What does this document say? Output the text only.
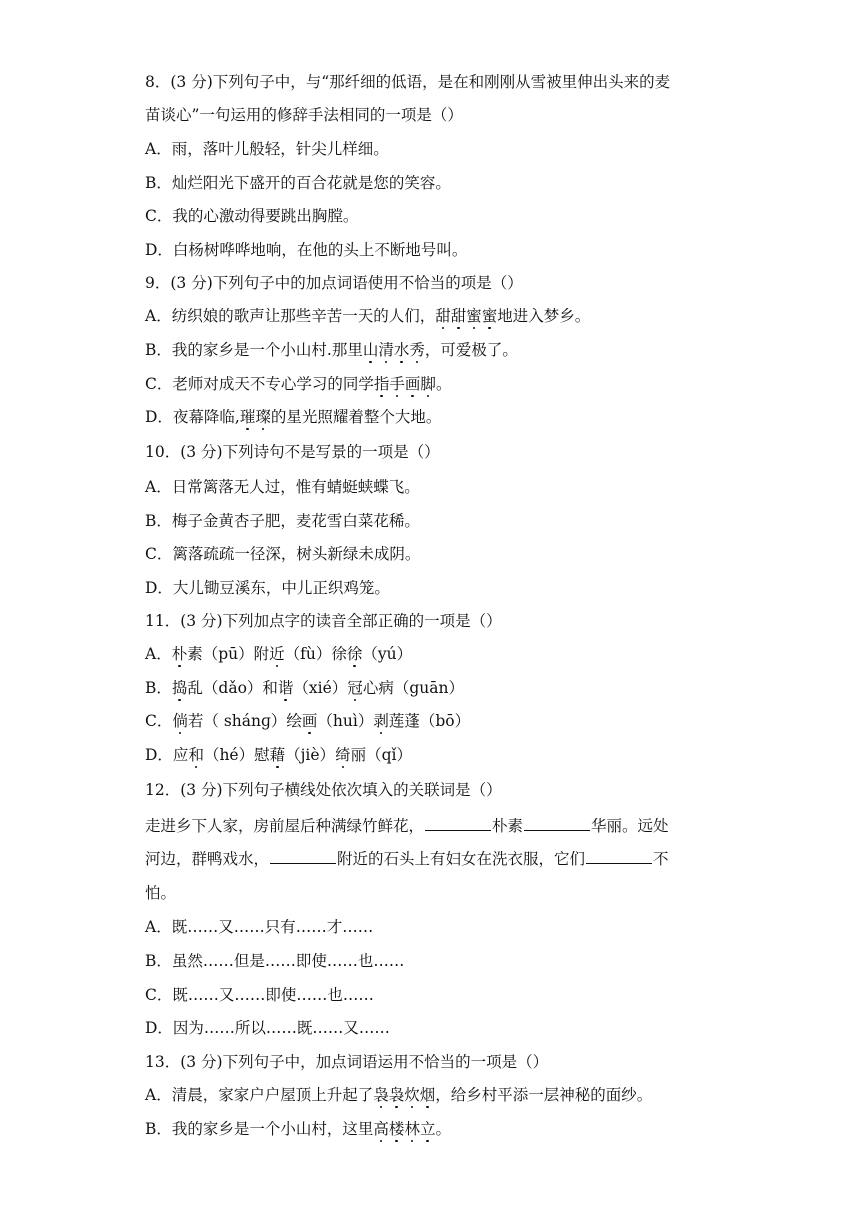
8．(3 分)下列句子中，与“那纤细的低语，是在和刚刚从雪被里伸出头来的麦
苗谈心”一句运用的修辞手法相同的一项是（）
A．雨，落叶儿般轻，针尖儿样细。
B．灿烂阳光下盛开的百合花就是您的笑容。
C．我的心激动得要跳出胸膛。
D．白杨树哗哗地响，在他的头上不断地号叫。
9．(3 分)下列句子中的加点词语使用不恰当的项是（）
A．纺织娘的歌声让那些辛苦一天的人们，甜甜蜜蜜地进入梦乡。
B．我的家乡是一个小山村.那里山清水秀，可爱极了。
C．老师对成天不专心学习的同学指手画脚。
D．夜幕降临,璀璨的星光照耀着整个大地。
10．(3 分)下列诗句不是写景的一项是（）
A．日常篱落无人过，惟有蜻蜓蛱蝶飞。
B．梅子金黄杏子肥，麦花雪白菜花稀。
C．篱落疏疏一径深，树头新绿未成阴。
D．大儿锄豆溪东，中儿正织鸡笼。
11．(3 分)下列加点字的读音全部正确的一项是（）
A．朴素（pū）附近（fù）徐徐（yú）
B．捣乱（dǎo）和谐（xié）冠心病（guān）
C．倘若（ shánɡ）绘画（huì）剥莲蓬（bō）
D．应和（hé）慰藉（jiè）绮丽（qǐ）
12．(3 分)下列句子横线处依次填入的关联词是（）
走进乡下人家，房前屋后种满绿竹鲜花，	朴素	华丽。远处
河边，群鸭戏水，	附近的石头上有妇女在洗衣服，它们	不
怕。
A．既……又……只有……才……
B．虽然……但是……即使……也……
C．既……又……即使……也……
D．因为……所以……既……又……
13．(3 分)下列句子中，加点词语运用不恰当的一项是（）
A．清晨，家家户户屋顶上升起了袅袅炊烟，给乡村平添一层神秘的面纱。
B．我的家乡是一个小山村，这里高楼林立。
